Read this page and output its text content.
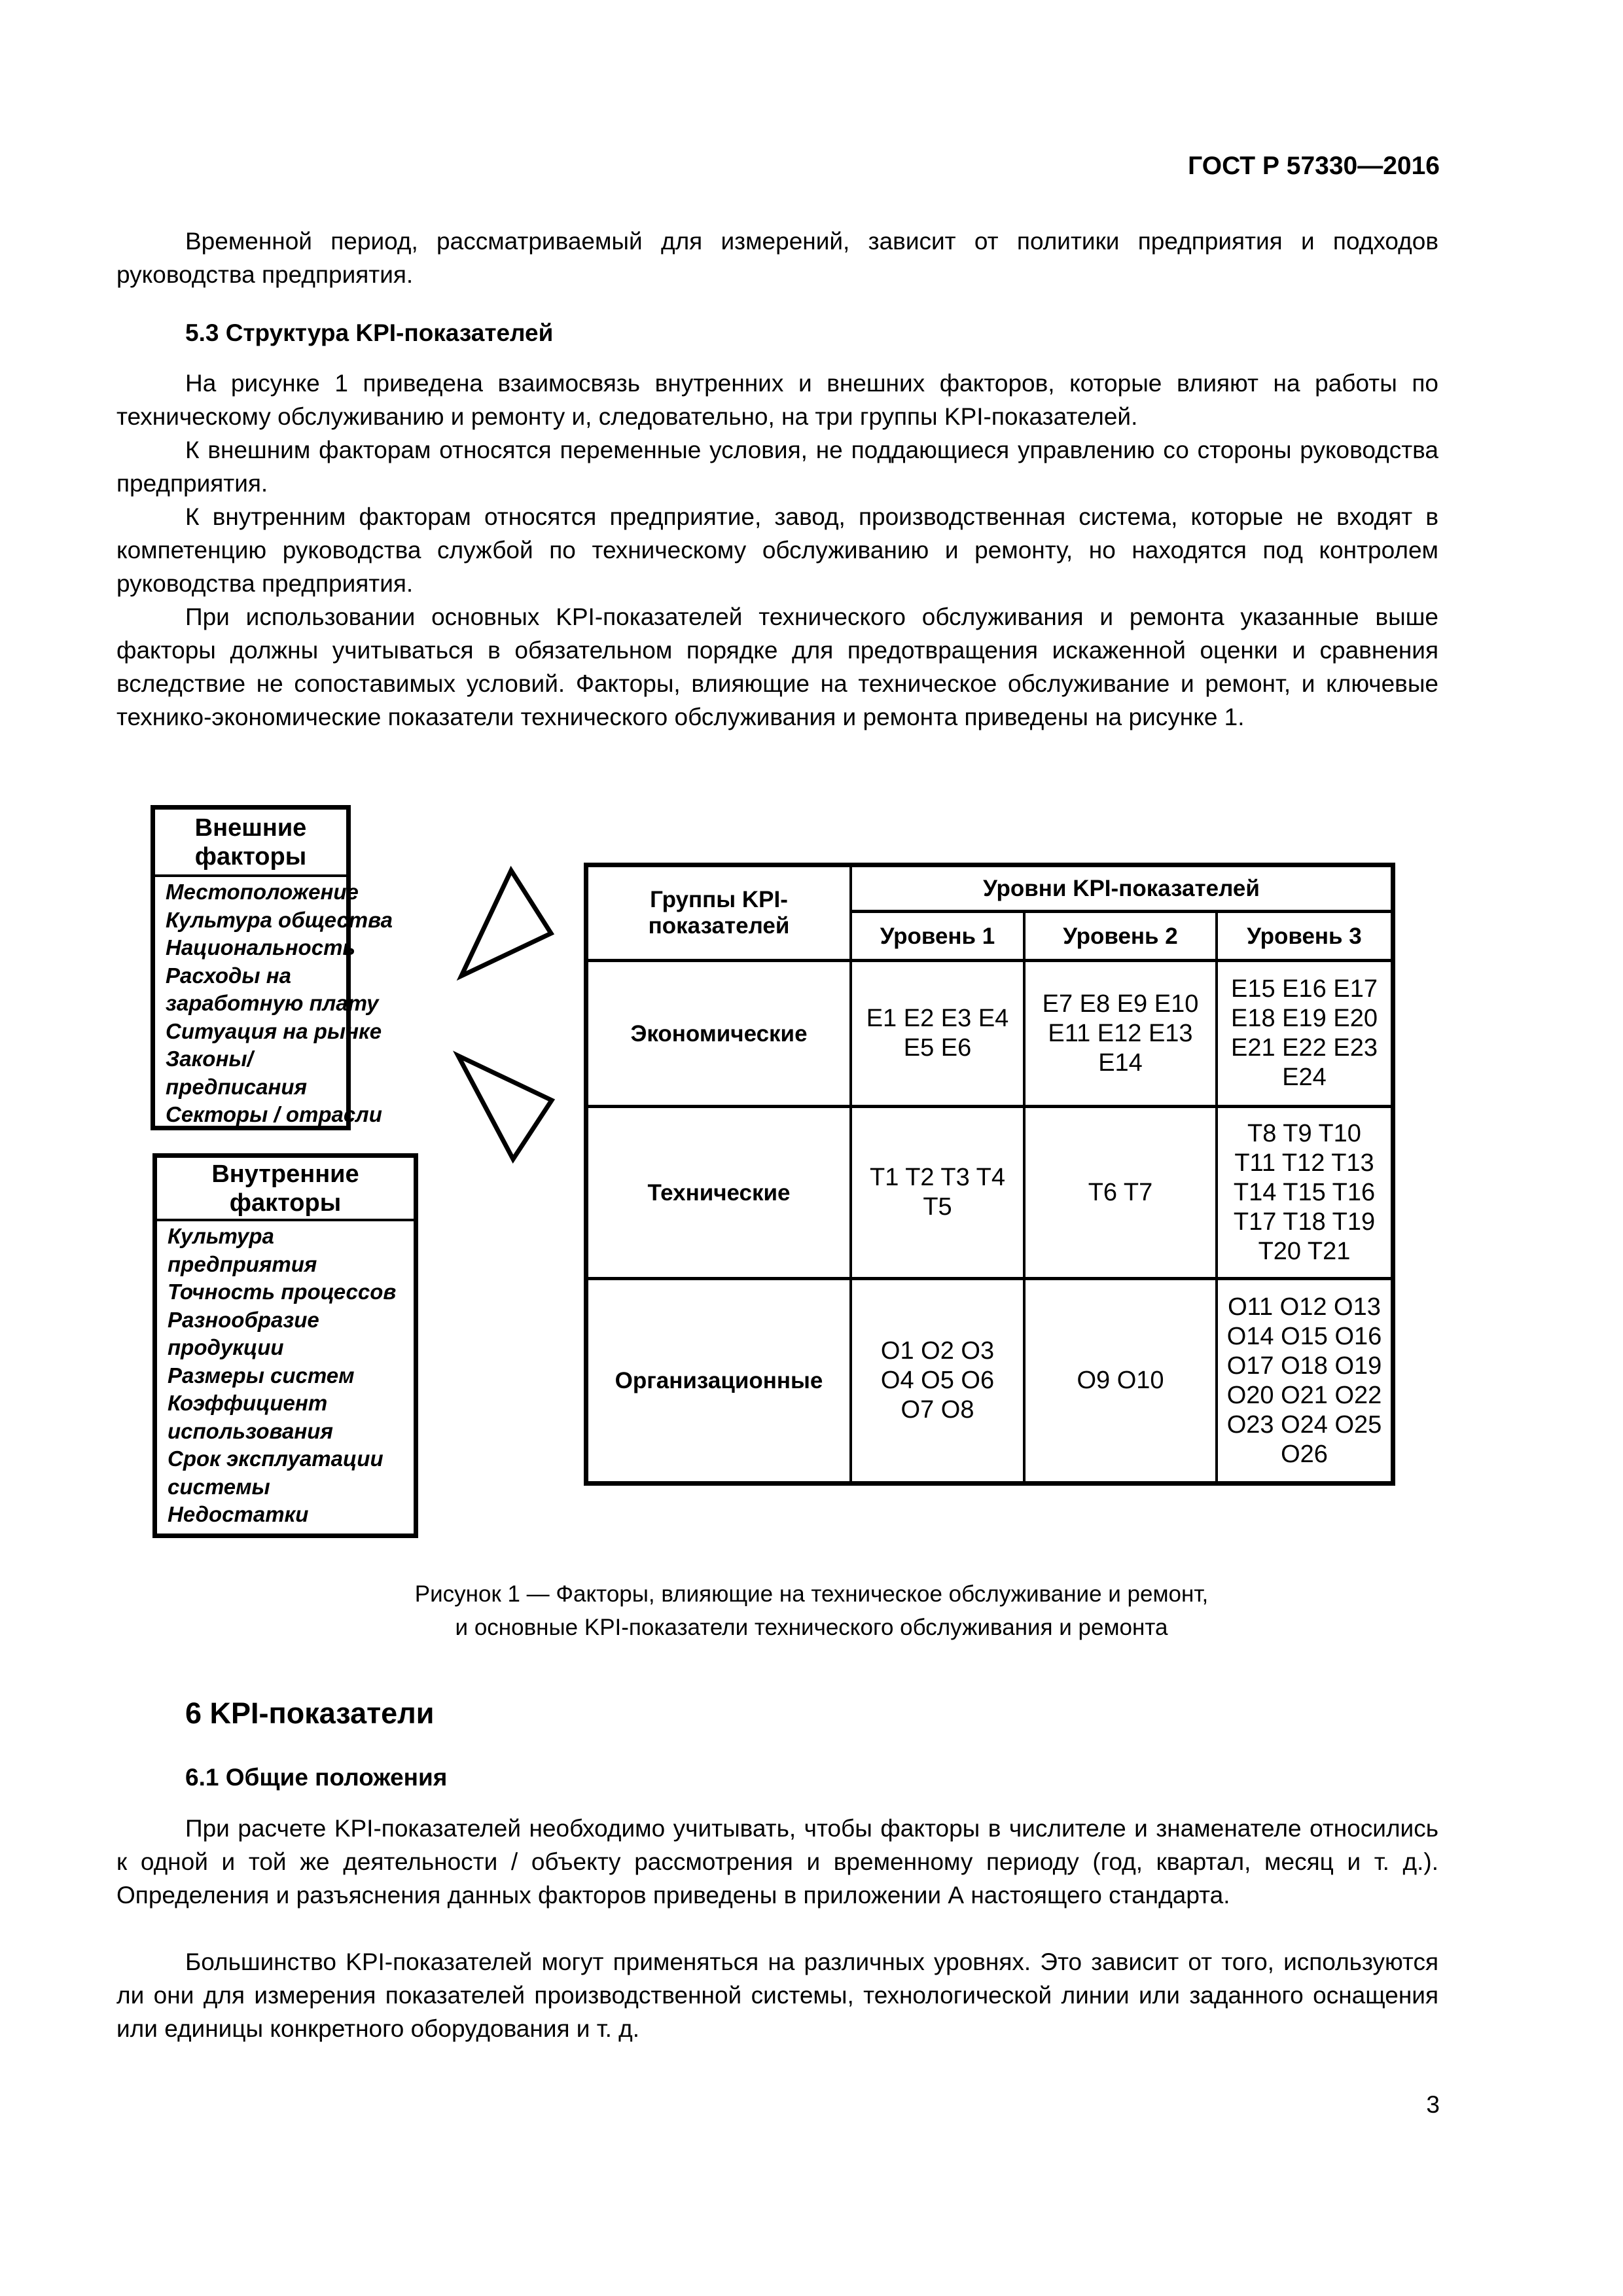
ГОСТ Р 57330—2016
Временной период, рассматриваемый для измерений, зависит от политики предприятия и подходов руководства предприятия.
5.3 Структура KPI-показателей
На рисунке 1 приведена взаимосвязь внутренних и внешних факторов, которые влияют на работы по техническому обслуживанию и ремонту и, следовательно, на три группы KPI-показателей.
К внешним факторам относятся переменные условия, не поддающиеся управлению со стороны руководства предприятия.
К внутренним факторам относятся предприятие, завод, производственная система, которые не входят в компетенцию руководства службой по техническому обслуживанию и ремонту, но находятся под контролем руководства предприятия.
При использовании основных KPI-показателей технического обслуживания и ремонта указанные выше факторы должны учитываться в обязательном порядке для предотвращения искаженной оценки и сравнения вследствие не сопоставимых условий. Факторы, влияющие на техническое обслуживание и ремонт, и ключевые технико-экономические показатели технического обслуживания и ремонта приведены на рисунке 1.
Внешние
факторы
Местоположение
Культура общества
Национальность
Расходы на
заработную плату
Ситуация на рынке
Законы/
предписания
Секторы / отрасли
Внутренние
факторы
Культура
предприятия
Точность процессов
Разнообразие
продукции
Размеры систем
Коэффициент
использования
Срок эксплуатации
системы
Недостатки
Группы KPI-показателей
Уровни KPI-показателей
Уровень 1	Уровень 2	Уровень 3
Экономические
E1 E2 E3 E4 E5 E6
E7 E8 E9 E10 E11 E12 E13 E14
E15 E16 E17 E18 E19 E20 E21 E22 E23 E24
Технические
T1 T2 T3 T4 T5
T6 T7
T8 T9 T10 T11 T12 T13 T14 T15 T16 T17 T18 T19 T20 T21
Организационные
O1 O2 O3 O4 O5 O6 O7 O8
O9 O10
O11 O12 O13 O14 O15 O16 O17 O18 O19 O20 O21 O22 O23 O24 O25 O26
Рисунок 1 — Факторы, влияющие на техническое обслуживание и ремонт,
и основные KPI-показатели технического обслуживания и ремонта
6 KPI-показатели
6.1 Общие положения
При расчете KPI-показателей необходимо учитывать, чтобы факторы в числителе и знаменателе относились к одной и той же деятельности / объекту рассмотрения и временному периоду (год, квартал, месяц и т. д.). Определения и разъяснения данных факторов приведены в приложении А настоящего стандарта.
Большинство KPI-показателей могут применяться на различных уровнях. Это зависит от того, используются ли они для измерения показателей производственной системы, технологической линии или заданного оснащения или единицы конкретного оборудования и т. д.
3
